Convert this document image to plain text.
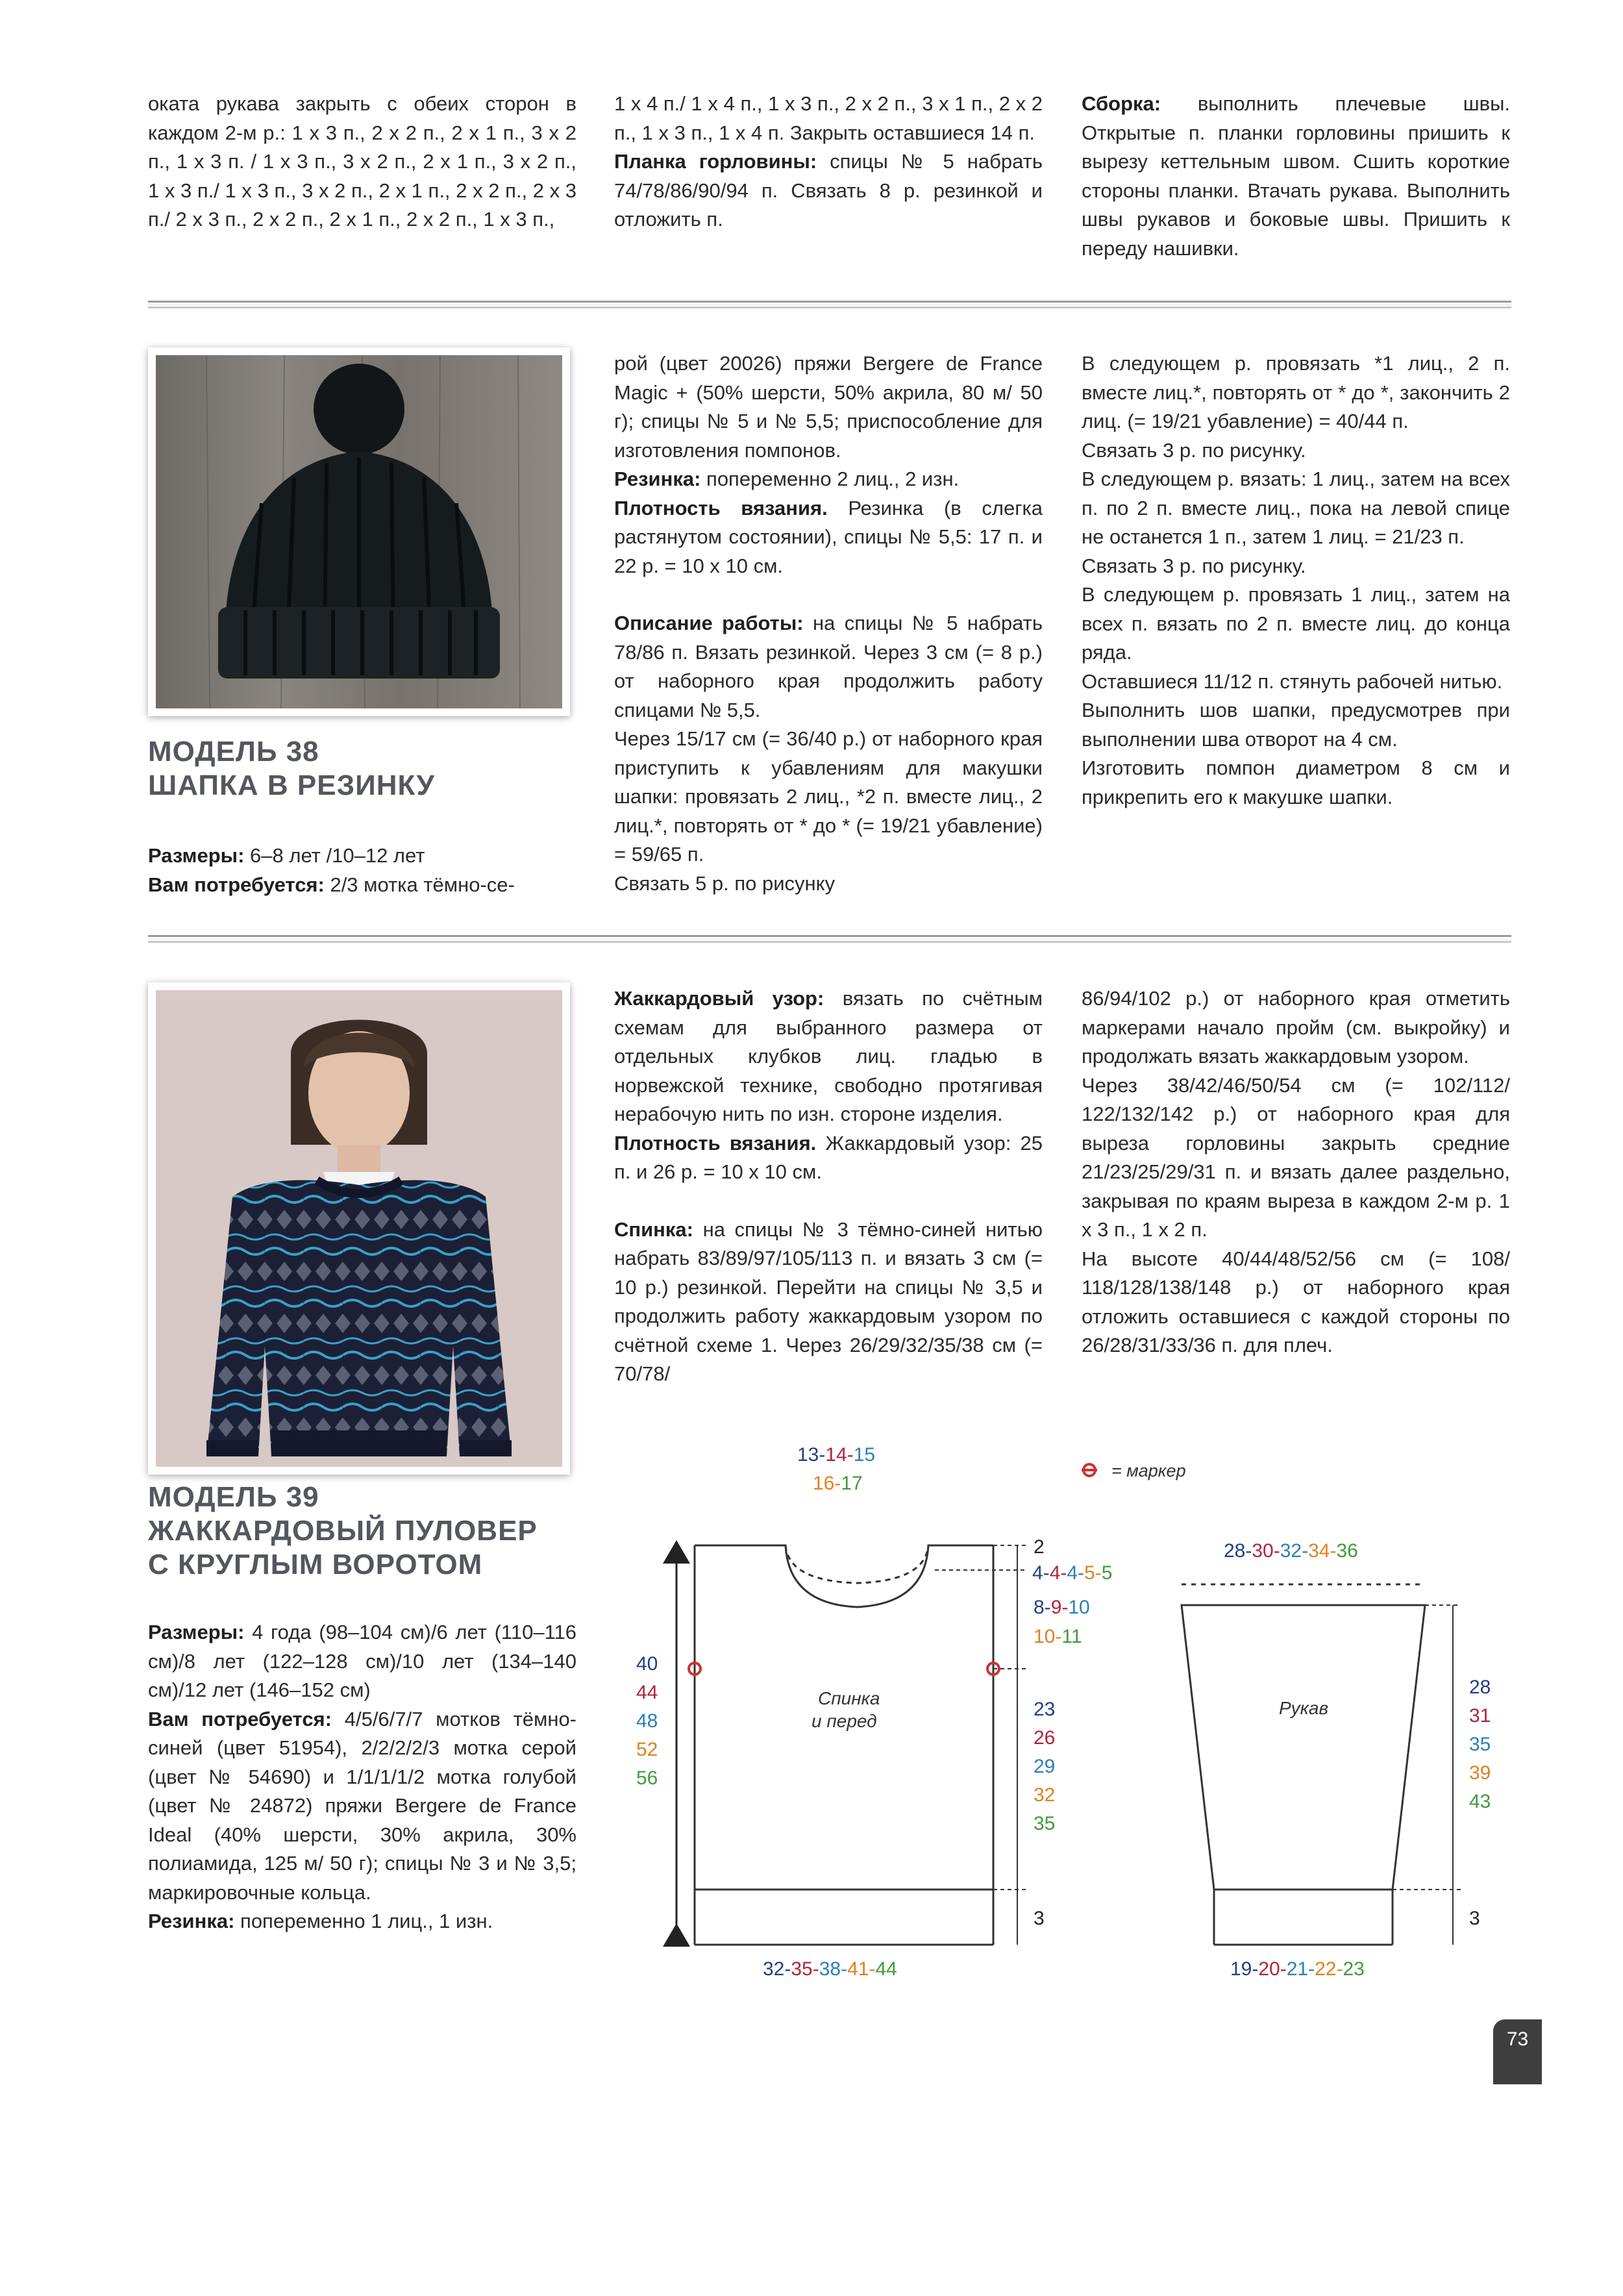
оката рукава закрыть с обеих сторон в каждом 2-м р.: 1 х 3 п., 2 х 2 п., 2 х 1 п., 3 х 2 п., 1 х 3 п. / 1 х 3 п., 3 х 2 п., 2 х 1 п., 3 х 2 п., 1 х 3 п./ 1 х 3 п., 3 х 2 п., 2 х 1 п., 2 х 2 п., 2 х 3 п./ 2 х 3 п., 2 х 2 п., 2 х 1 п., 2 х 2 п., 1 х 3 п.,

1 х 4 п./ 1 х 4 п., 1 х 3 п., 2 х 2 п., 3 х 1 п., 2 х 2 п., 1 х 3 п., 1 х 4 п. Закрыть оставшиеся 14 п.

Планка горловины: спицы № 5 набрать 74/78/86/90/94 п. Связать 8 р. резинкой и отложить п.

Сборка: выполнить плечевые швы. Открытые п. планки горловины пришить к вырезу кеттельным швом. Сшить короткие стороны планки. Втачать рукава. Выполнить швы рукавов и боковые швы. Пришить к переду нашивки.

МОДЕЛЬ 38
ШАПКА В РЕЗИНКУ

Размеры: 6–8 лет /10–12 лет

Вам потребуется: 2/3 мотка тёмно-се-

рой (цвет 20026) пряжи Bergere de France Magic + (50% шерсти, 50% акрила, 80 м/ 50 г); спицы № 5 и № 5,5; приспособление для изготовления помпонов.

Резинка: попеременно 2 лиц., 2 изн.

Плотность вязания. Резинка (в слегка растянутом состоянии), спицы № 5,5: 17 п. и 22 р. = 10 х 10 см.

Описание работы: на спицы № 5 набрать 78/86 п. Вязать резинкой. Через 3 см (= 8 р.) от наборного края продолжить работу спицами № 5,5.

Через 15/17 см (= 36/40 р.) от наборного края приступить к убавлениям для макушки шапки: провязать 2 лиц., *2 п. вместе лиц., 2 лиц.*, повторять от * до * (= 19/21 убавление) = 59/65 п.

Связать 5 р. по рисунку

В следующем р. провязать *1 лиц., 2 п. вместе лиц.*, повторять от * до *, закончить 2 лиц. (= 19/21 убавление) = 40/44 п.

Связать 3 р. по рисунку.

В следующем р. вязать: 1 лиц., затем на всех п. по 2 п. вместе лиц., пока на левой спице не останется 1 п., затем 1 лиц. = 21/23 п.

Связать 3 р. по рисунку.

В следующем р. провязать 1 лиц., затем на всех п. вязать по 2 п. вместе лиц. до конца ряда.

Оставшиеся 11/12 п. стянуть рабочей нитью.

Выполнить шов шапки, предусмотрев при выполнении шва отворот на 4 см.

Изготовить помпон диаметром 8 см и прикрепить его к макушке шапки.

МОДЕЛЬ 39
ЖАККАРДОВЫЙ ПУЛОВЕР
С КРУГЛЫМ ВОРОТОМ

Размеры: 4 года (98–104 см)/6 лет (110–116 см)/8 лет (122–128 см)/10 лет (134–140 см)/12 лет (146–152 см)

Вам потребуется: 4/5/6/7/7 мотков тёмно-синей (цвет 51954), 2/2/2/2/3 мотка серой (цвет № 54690) и 1/1/1/1/2 мотка голубой (цвет № 24872) пряжи Bergere de France Ideal (40% шерсти, 30% акрила, 30% полиамида, 125 м/ 50 г); спицы № 3 и № 3,5; маркировочные кольца.

Резинка: попеременно 1 лиц., 1 изн.

Жаккардовый узор: вязать по счётным схемам для выбранного размера от отдельных клубков лиц. гладью в норвежской технике, свободно протягивая нерабочую нить по изн. стороне изделия.

Плотность вязания. Жаккардовый узор: 25 п. и 26 р. = 10 х 10 см.

Спинка: на спицы № 3 тёмно-синей нитью набрать 83/89/97/105/113 п. и вязать 3 см (= 10 р.) резинкой. Перейти на спицы № 3,5 и продолжить работу жаккардовым узором по счётной схеме 1. Через 26/29/32/35/38 см (= 70/78/

86/94/102 р.) от наборного края отметить маркерами начало пройм (см. выкройку) и продолжать вязать жаккардовым узором.

Через 38/42/46/50/54 см (= 102/112/ 122/132/142 р.) от наборного края для выреза горловины закрыть средние 21/23/25/29/31 п. и вязать далее раздельно, закрывая по краям выреза в каждом 2-м р. 1 х 3 п., 1 х 2 п.

На высоте 40/44/48/52/56 см (= 108/ 118/128/138/148 р.) от наборного края отложить оставшиеся с каждой стороны по 26/28/31/33/36 п. для плеч.

= маркер
Спинка
и перед
13-14-15
16-17
2
4-4-4-5-5
8-9-10
10-11
23
26
29
32
35
3
40
44
48
52
56
32-35-38-41-44
Рукав
28-30-32-34-36
28
31
35
39
43
3
19-20-21-22-23
73
